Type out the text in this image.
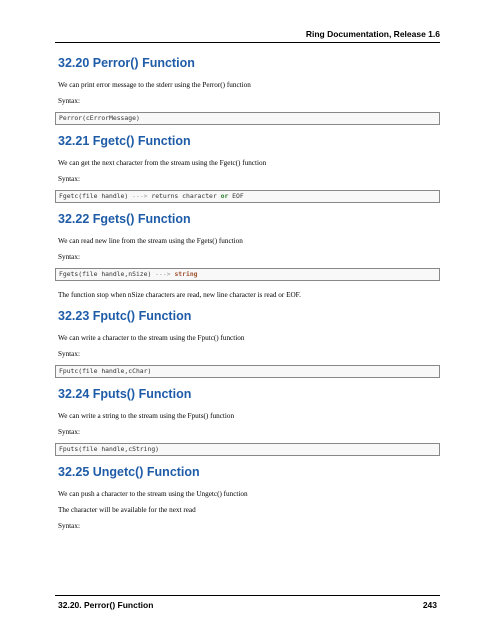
Ring Documentation, Release 1.6
32.20 Perror() Function

We can print error message to the stderr using the Perror() function

Syntax:

Perror(cErrorMessage)
32.21 Fgetc() Function

We can get the next character from the stream using the Fgetc() function

Syntax:

Fgetc(file handle) ---> returns character or EOF
32.22 Fgets() Function

We can read new line from the stream using the Fgets() function

Syntax:

Fgets(file handle,nSize) ---> string

The function stop when nSize characters are read, new line character is read or EOF.

32.23 Fputc() Function

We can write a character to the stream using the Fputc() function

Syntax:

Fputc(file handle,cChar)
32.24 Fputs() Function

We can write a string to the stream using the Fputs() function

Syntax:

Fputs(file handle,cString)
32.25 Ungetc() Function

We can push a character to the stream using the Ungetc() function

The character will be available for the next read

Syntax:

32.20. Perror() Function	243
